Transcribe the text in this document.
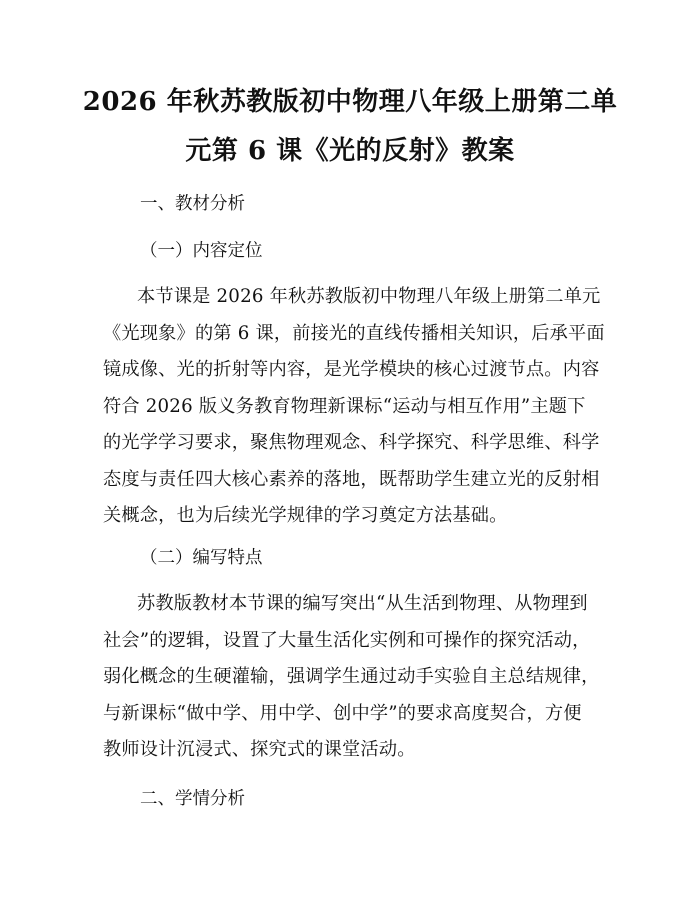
2026 年秋苏教版初中物理八年级上册第二单
元第 6 课《光的反射》教案
一、教材分析
（一）内容定位
本节课是 2026 年秋苏教版初中物理八年级上册第二单元
《光现象》的第 6 课，前接光的直线传播相关知识，后承平面
镜成像、光的折射等内容，是光学模块的核心过渡节点。内容
符合 2026 版义务教育物理新课标“运动与相互作用”主题下
的光学学习要求，聚焦物理观念、科学探究、科学思维、科学
态度与责任四大核心素养的落地，既帮助学生建立光的反射相
关概念，也为后续光学规律的学习奠定方法基础。
（二）编写特点
苏教版教材本节课的编写突出“从生活到物理、从物理到
社会”的逻辑，设置了大量生活化实例和可操作的探究活动，
弱化概念的生硬灌输，强调学生通过动手实验自主总结规律，
与新课标“做中学、用中学、创中学”的要求高度契合，方便
教师设计沉浸式、探究式的课堂活动。
二、学情分析
